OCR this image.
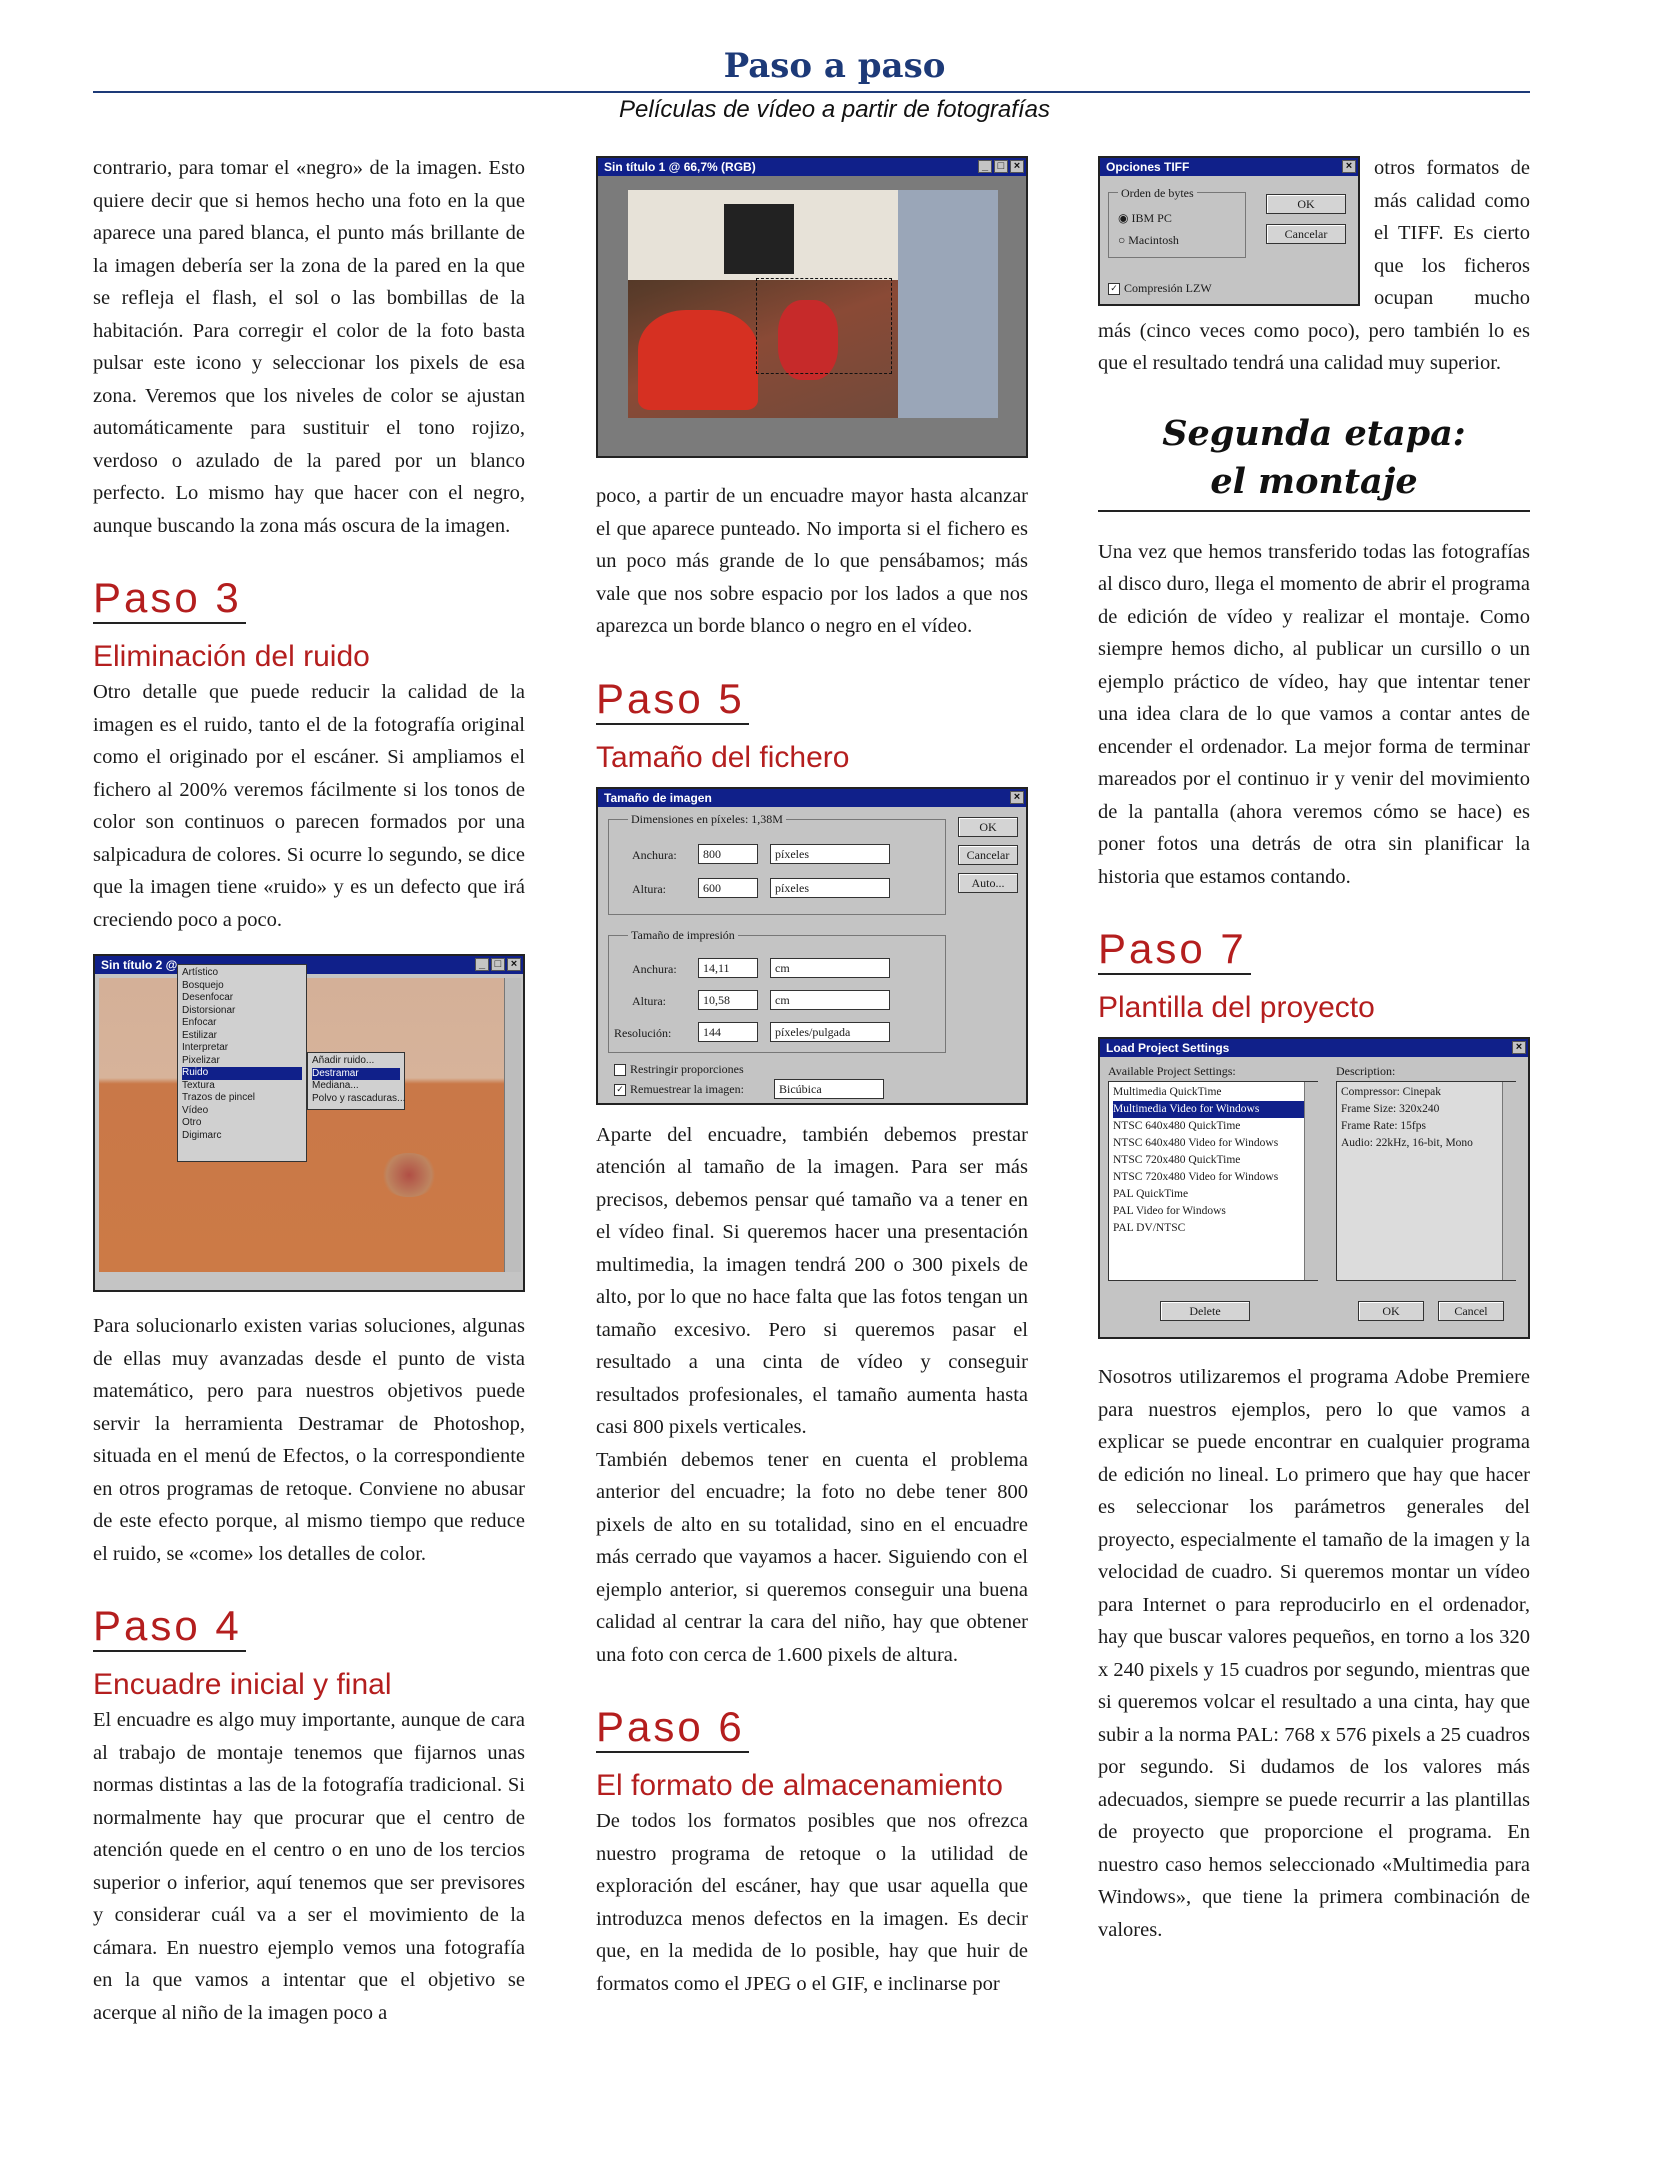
Paso a paso
Películas de vídeo a partir de fotografías

contrario, para tomar el «negro» de la imagen. Esto quiere decir que si hemos hecho una foto en la que aparece una pared blanca, el punto más brillante de la imagen debería ser la zona de la pared en la que se refleja el flash, el sol o las bombillas de la habitación. Para corregir el color de la foto basta pulsar este icono y seleccionar los pixels de esa zona. Veremos que los niveles de color se ajustan automáticamente para sustituir el tono rojizo, verdoso o azulado de la pared por un blanco perfecto. Lo mismo hay que hacer con el negro, aunque buscando la zona más oscura de la imagen.

Paso 3
Eliminación del ruido

Otro detalle que puede reducir la calidad de la imagen es el ruido, tanto el de la fotografía original como el originado por el escáner. Si ampliamos el fichero al 200% veremos fácilmente si los tonos de color son continuos o parecen formados por una salpicadura de colores. Si ocurre lo segundo, se dice que la imagen tiene «ruido» y es un defecto que irá creciendo poco a poco.

Sin título 2 @	_ □ ×
Artístico
Bosquejo
Desenfocar
Distorsionar
Enfocar
Estilizar
Interpretar
Pixelizar
Ruido
Textura
Trazos de pincel
Vídeo
Otro
Digimarc
Añadir ruido...
Destramar
Mediana...
Polvo y rascaduras...

Para solucionarlo existen varias soluciones, algunas de ellas muy avanzadas desde el punto de vista matemático, pero para nuestros objetivos puede servir la herramienta Destramar de Photoshop, situada en el menú de Efectos, o la correspondiente en otros programas de retoque. Conviene no abusar de este efecto porque, al mismo tiempo que reduce el ruido, se «come» los detalles de color.

Paso 4
Encuadre inicial y final

El encuadre es algo muy importante, aunque de cara al trabajo de montaje tenemos que fijarnos unas normas distintas a las de la fotografía tradicional. Si normalmente hay que procurar que el centro de atención quede en el centro o en uno de los tercios superior o inferior, aquí tenemos que ser previsores y considerar cuál va a ser el movimiento de la cámara. En nuestro ejemplo vemos una fotografía en la que vamos a intentar que el objetivo se acerque al niño de la imagen poco a

Sin título 1 @ 66,7% (RGB)	_ □ ×

poco, a partir de un encuadre mayor hasta alcanzar el que aparece punteado. No importa si el fichero es un poco más grande de lo que pensábamos; más vale que nos sobre espacio por los lados a que nos aparezca un borde blanco o negro en el vídeo.

Paso 5
Tamaño del fichero
Tamaño de imagen	×
Dimensiones en píxeles: 1,38M
Anchura:	800	píxeles
Altura:	600	píxeles
Tamaño de impresión
Anchura:	14,11	cm
Altura:	10,58	cm
Resolución:	144	píxeles/pulgada
Restringir proporciones
✓ Remuestrear la imagen:	Bicúbica
OK
Cancelar
Auto...

Aparte del encuadre, también debemos prestar atención al tamaño de la imagen. Para ser más precisos, debemos pensar qué tamaño va a tener en el vídeo final. Si queremos hacer una presentación multimedia, la imagen tendrá 200 o 300 pixels de alto, por lo que no hace falta que las fotos tengan un tamaño excesivo. Pero si queremos pasar el resultado a una cinta de vídeo y conseguir resultados profesionales, el tamaño aumenta hasta casi 800 pixels verticales.

También debemos tener en cuenta el problema anterior del encuadre; la foto no debe tener 800 pixels de alto en su totalidad, sino en el encuadre más cerrado que vayamos a hacer. Siguiendo con el ejemplo anterior, si queremos conseguir una buena calidad al centrar la cara del niño, hay que obtener una foto con cerca de 1.600 pixels de altura.

Paso 6
El formato de almacenamiento

De todos los formatos posibles que nos ofrezca nuestro programa de retoque o la utilidad de exploración del escáner, hay que usar aquella que introduzca menos defectos en la imagen. Es decir que, en la medida de lo posible, hay que huir de formatos como el JPEG o el GIF, e inclinarse por

Opciones TIFF	×
Orden de bytes
◉ IBM PC
○ Macintosh
✓ Compresión LZW
OK
Cancelar

otros formatos de más calidad como el TIFF. Es cierto que los ficheros ocupan mucho más (cinco veces como poco), pero también lo es que el resultado tendrá una calidad muy superior.

Segunda etapa:
el montaje

Una vez que hemos transferido todas las fotografías al disco duro, llega el momento de abrir el programa de edición de vídeo y realizar el montaje. Como siempre hemos dicho, al publicar un cursillo o un ejemplo práctico de vídeo, hay que intentar tener una idea clara de lo que vamos a contar antes de encender el ordenador. La mejor forma de terminar mareados por el continuo ir y venir del movimiento de la pantalla (ahora veremos cómo se hace) es poner fotos una detrás de otra sin planificar la historia que estamos contando.

Paso 7
Plantilla del proyecto
Load Project Settings	×
Available Project Settings:	Description:
Multimedia QuickTime
Multimedia Video for Windows
NTSC 640x480 QuickTime
NTSC 640x480 Video for Windows
NTSC 720x480 QuickTime
NTSC 720x480 Video for Windows
PAL QuickTime
PAL Video for Windows
PAL DV/NTSC
Compressor: Cinepak
Frame Size: 320x240
Frame Rate: 15fps
Audio: 22kHz, 16-bit, Mono
Delete	OK	Cancel

Nosotros utilizaremos el programa Adobe Premiere para nuestros ejemplos, pero lo que vamos a explicar se puede encontrar en cualquier programa de edición no lineal. Lo primero que hay que hacer es seleccionar los parámetros generales del proyecto, especialmente el tamaño de la imagen y la velocidad de cuadro. Si queremos montar un vídeo para Internet o para reproducirlo en el ordenador, hay que buscar valores pequeños, en torno a los 320 x 240 pixels y 15 cuadros por segundo, mientras que si queremos volcar el resultado a una cinta, hay que subir a la norma PAL: 768 x 576 pixels a 25 cuadros por segundo. Si dudamos de los valores más adecuados, siempre se puede recurrir a las plantillas de proyecto que proporcione el programa. En nuestro caso hemos seleccionado «Multimedia para Windows», que tiene la primera combinación de valores.
